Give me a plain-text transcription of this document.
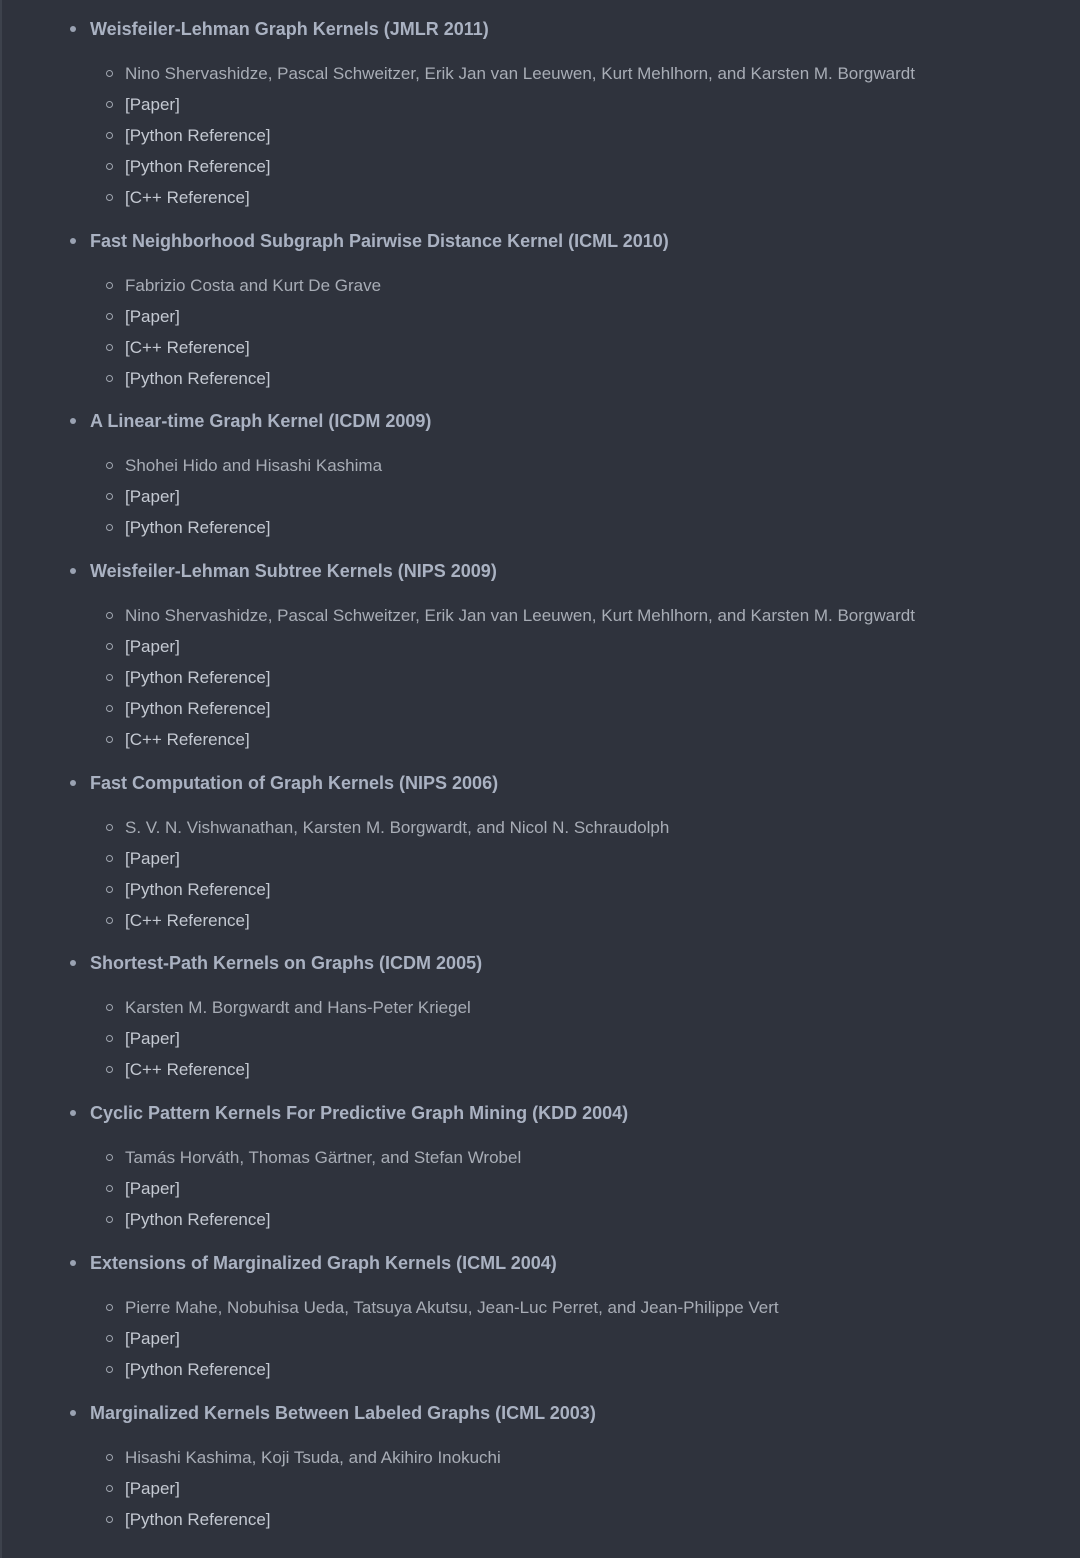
Weisfeiler-Lehman Graph Kernels (JMLR 2011)
Nino Shervashidze, Pascal Schweitzer, Erik Jan van Leeuwen, Kurt Mehlhorn, and Karsten M. Borgwardt
[Paper]
[Python Reference]
[Python Reference]
[C++ Reference]
Fast Neighborhood Subgraph Pairwise Distance Kernel (ICML 2010)
Fabrizio Costa and Kurt De Grave
[Paper]
[C++ Reference]
[Python Reference]
A Linear-time Graph Kernel (ICDM 2009)
Shohei Hido and Hisashi Kashima
[Paper]
[Python Reference]
Weisfeiler-Lehman Subtree Kernels (NIPS 2009)
Nino Shervashidze, Pascal Schweitzer, Erik Jan van Leeuwen, Kurt Mehlhorn, and Karsten M. Borgwardt
[Paper]
[Python Reference]
[Python Reference]
[C++ Reference]
Fast Computation of Graph Kernels (NIPS 2006)
S. V. N. Vishwanathan, Karsten M. Borgwardt, and Nicol N. Schraudolph
[Paper]
[Python Reference]
[C++ Reference]
Shortest-Path Kernels on Graphs (ICDM 2005)
Karsten M. Borgwardt and Hans-Peter Kriegel
[Paper]
[C++ Reference]
Cyclic Pattern Kernels For Predictive Graph Mining (KDD 2004)
Tamás Horváth, Thomas Gärtner, and Stefan Wrobel
[Paper]
[Python Reference]
Extensions of Marginalized Graph Kernels (ICML 2004)
Pierre Mahe, Nobuhisa Ueda, Tatsuya Akutsu, Jean-Luc Perret, and Jean-Philippe Vert
[Paper]
[Python Reference]
Marginalized Kernels Between Labeled Graphs (ICML 2003)
Hisashi Kashima, Koji Tsuda, and Akihiro Inokuchi
[Paper]
[Python Reference]
